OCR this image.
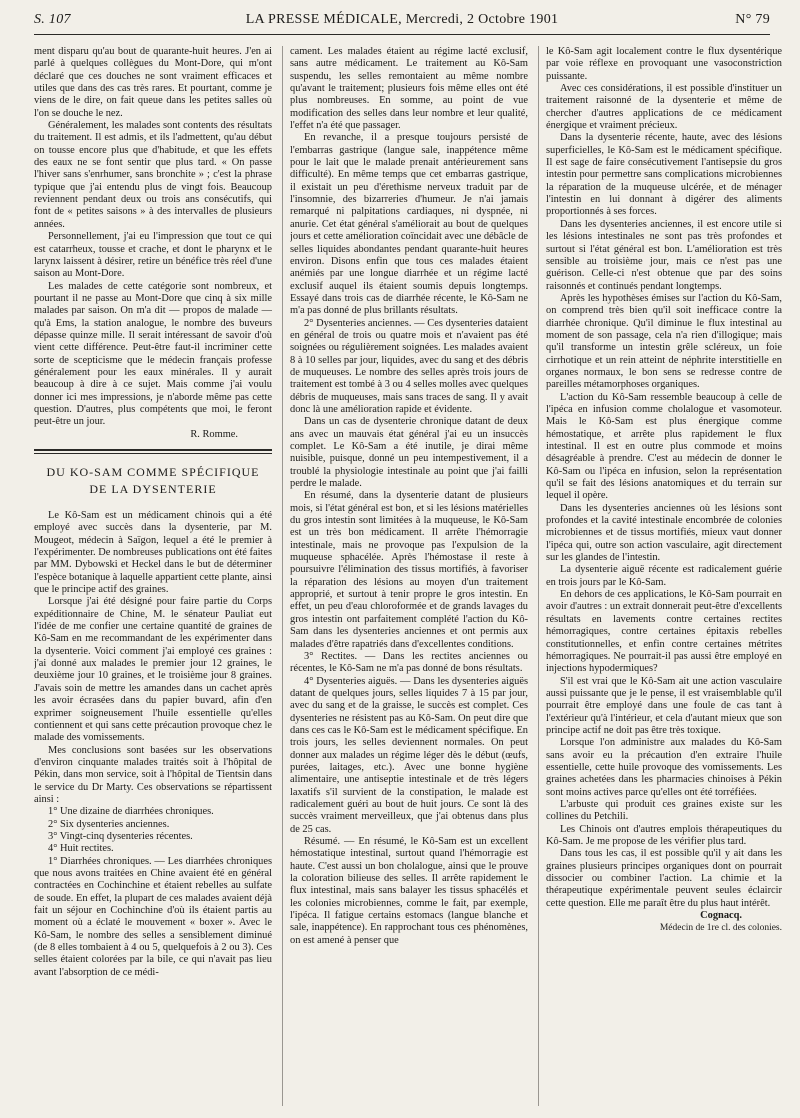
S. 107	LA PRESSE MÉDICALE, Mercredi, 2 Octobre 1901	N° 79

ment disparu qu'au bout de quarante-huit heures. J'en ai parlé à quelques collègues du Mont-Dore, qui m'ont déclaré que ces douches ne sont vraiment efficaces et utiles que dans des cas très rares. Et pourtant, comme je viens de le dire, on fait queue dans les petites salles où l'on se douche le nez.

Généralement, les malades sont contents des résultats du traitement. Il est admis, et ils l'admettent, qu'au début on tousse encore plus que d'habitude, et que les effets des eaux ne se font sentir que plus tard. « On passe l'hiver sans s'enrhumer, sans bronchite » ; c'est la phrase typique que j'ai entendu plus de vingt fois. Beaucoup reviennent pendant deux ou trois ans consécutifs, qui font de « petites saisons » à des intervalles de plusieurs années.

Personnellement, j'ai eu l'impression que tout ce qui est catarrheux, tousse et crache, et dont le pharynx et le larynx laissent à désirer, retire un bénéfice très réel d'une saison au Mont-Dore.

Les malades de cette catégorie sont nombreux, et pourtant il ne passe au Mont-Dore que cinq à six mille malades par saison. On m'a dit — propos de malade — qu'à Ems, la station analogue, le nombre des buveurs dépasse quinze mille. Il serait intéressant de savoir d'où vient cette différence. Peut-être faut-il incriminer cette sorte de scepticisme que le médecin français professe généralement pour les eaux minérales. Il y aurait beaucoup à dire à ce sujet. Mais comme j'ai voulu donner ici mes impressions, je n'aborde même pas cette question. D'autres, plus compétents que moi, le feront peut-être un jour.

R. Romme.

DU KO-SAM COMME SPÉCIFIQUE
DE LA DYSENTERIE

Le Kô-Sam est un médicament chinois qui a été employé avec succès dans la dysenterie, par M. Mougeot, médecin à Saïgon, lequel a été le premier à l'expérimenter. De nombreuses publications ont été faites par MM. Dybowski et Heckel dans le but de déterminer l'espèce botanique à laquelle appartient cette plante, ainsi que le principe actif des graines.

Lorsque j'ai été désigné pour faire partie du Corps expéditionnaire de Chine, M. le sénateur Pauliat eut l'idée de me confier une certaine quantité de graines de Kô-Sam en me recommandant de les expérimenter dans la dysenterie. Voici comment j'ai employé ces graines : j'ai donné aux malades le premier jour 12 graines, le deuxième jour 10 graines, et le troisième jour 8 graines. J'avais soin de mettre les amandes dans un cachet après les avoir écrasées dans du papier buvard, afin d'en exprimer soigneusement l'huile essentielle qu'elles contiennent et qui sans cette précaution provoque chez le malade des vomissements.

Mes conclusions sont basées sur les observations d'environ cinquante malades traités soit à l'hôpital de Pékin, dans mon service, soit à l'hôpital de Tientsin dans le service du Dr Marty. Ces observations se répartissent ainsi :

1° Une dizaine de diarrhées chroniques.

2° Six dysenteries anciennes.

3° Vingt-cinq dysenteries récentes.

4° Huit rectites.

1° Diarrhées chroniques. — Les diarrhées chroniques que nous avons traitées en Chine avaient été en général contractées en Cochinchine et étaient rebelles au sulfate de soude. En effet, la plupart de ces malades avaient déjà fait un séjour en Cochinchine d'où ils étaient partis au moment où a éclaté le mouvement « boxer ». Avec le Kô-Sam, le nombre des selles a sensiblement diminué (de 8 elles tombaient à 4 ou 5, quelquefois à 2 ou 3). Ces selles étaient colorées par la bile, ce qui n'avait pas lieu avant l'absorption de ce médi-

cament. Les malades étaient au régime lacté exclusif, sans autre médicament. Le traitement au Kô-Sam suspendu, les selles remontaient au même nombre qu'avant le traitement; plusieurs fois même elles ont été plus nombreuses. En somme, au point de vue modification des selles dans leur nombre et leur qualité, l'effet n'a été que passager.

En revanche, il a presque toujours persisté de l'embarras gastrique (langue sale, inappétence même pour le lait que le malade prenait antérieurement sans difficulté). En même temps que cet embarras gastrique, il existait un peu d'érethisme nerveux traduit par de l'insomnie, des bizarreries d'humeur. Je n'ai jamais remarqué ni palpitations cardiaques, ni dyspnée, ni anurie. Cet état général s'améliorait au bout de quelques jours et cette amélioration coïncidait avec une débâcle de selles liquides abondantes pendant quarante-huit heures environ. Disons enfin que tous ces malades étaient anémiés par une longue diarrhée et un régime lacté exclusif auquel ils étaient soumis depuis longtemps. Essayé dans trois cas de diarrhée récente, le Kô-Sam ne m'a pas donné de plus brillants résultats.

2° Dysenteries anciennes. — Ces dysenteries dataient en général de trois ou quatre mois et n'avaient pas été soignées ou régulièrement soignées. Les malades avaient 8 à 10 selles par jour, liquides, avec du sang et des débris de muqueuses. Le nombre des selles après trois jours de traitement est tombé à 3 ou 4 selles molles avec quelques débris de muqueuses, mais sans traces de sang. Il y avait donc là une amélioration rapide et évidente.

Dans un cas de dysenterie chronique datant de deux ans avec un mauvais état général j'ai eu un insuccès complet. Le Kô-Sam a été inutile, je dirai même nuisible, puisque, donné un peu intempestivement, il a troublé la physiologie intestinale au point que j'ai failli perdre le malade.

En résumé, dans la dysenterie datant de plusieurs mois, si l'état général est bon, et si les lésions matérielles du gros intestin sont limitées à la muqueuse, le Kô-Sam est un très bon médicament. Il arrête l'hémorragie intestinale, mais ne provoque pas l'expulsion de la muqueuse sphacélée. Après l'hémostase il reste à poursuivre l'élimination des tissus mortifiés, à favoriser la réparation des lésions au moyen d'un traitement approprié, et surtout à tenir propre le gros intestin. En effet, un peu d'eau chloroformée et de grands lavages du gros intestin ont parfaitement complété l'action du Kô-Sam dans les dysenteries anciennes et ont permis aux malades d'être rapatriés dans d'excellentes conditions.

3° Rectites. — Dans les rectites anciennes ou récentes, le Kô-Sam ne m'a pas donné de bons résultats.

4° Dysenteries aiguës. — Dans les dysenteries aiguës datant de quelques jours, selles liquides 7 à 15 par jour, avec du sang et de la graisse, le succès est complet. Ces dysenteries ne résistent pas au Kô-Sam. On peut dire que dans ces cas le Kô-Sam est le médicament spécifique. En trois jours, les selles deviennent normales. On peut donner aux malades un régime léger dès le début (œufs, purées, laitages, etc.). Avec une bonne hygiène alimentaire, une antiseptie intestinale et de très légers laxatifs s'il survient de la constipation, le malade est radicalement guéri au bout de huit jours. Ce sont là des succès vraiment merveilleux, que j'ai obtenus dans plus de 25 cas.

Résumé. — En résumé, le Kô-Sam est un excellent hémostatique intestinal, surtout quand l'hémorragie est haute. C'est aussi un bon cholalogue, ainsi que le prouve la coloration bilieuse des selles. Il arrête rapidement le flux intestinal, mais sans balayer les tissus sphacélés et les colonies microbiennes, comme le fait, par exemple, l'ipéca. Il fatigue certains estomacs (langue blanche et sale, inappétence). En rapprochant tous ces phénomènes, on est amené à penser que

le Kô-Sam agit localement contre le flux dysentérique par voie réflexe en provoquant une vasoconstriction puissante.

Avec ces considérations, il est possible d'instituer un traitement raisonné de la dysenterie et même de chercher d'autres applications de ce médicament énergique et vraiment précieux.

Dans la dysenterie récente, haute, avec des lésions superficielles, le Kô-Sam est le médicament spécifique. Il est sage de faire consécutivement l'antisepsie du gros intestin pour permettre sans complications microbiennes la réparation de la muqueuse ulcérée, et de ménager l'intestin en lui donnant à digérer des aliments proportionnés à ses forces.

Dans les dysenteries anciennes, il est encore utile si les lésions intestinales ne sont pas très profondes et surtout si l'état général est bon. L'amélioration est très sensible au troisième jour, mais ce n'est pas une guérison. Celle-ci n'est obtenue que par des soins raisonnés et continués pendant longtemps.

Après les hypothèses émises sur l'action du Kô-Sam, on comprend très bien qu'il soit inefficace contre la diarrhée chronique. Qu'il diminue le flux intestinal au moment de son passage, cela n'a rien d'illogique; mais qu'il transforme un intestin grêle scléreux, un foie cirrhotique et un rein atteint de néphrite interstitielle en organes normaux, le bon sens se redresse contre de pareilles métamorphoses organiques.

L'action du Kô-Sam ressemble beaucoup à celle de l'ipéca en infusion comme cholalogue et vasomoteur. Mais le Kô-Sam est plus énergique comme hémostatique, et arrête plus rapidement le flux intestinal. Il est en outre plus commode et moins désagréable à prendre. C'est au médecin de donner le Kô-Sam ou l'ipéca en infusion, selon la représentation qu'il se fait des lésions anatomiques et du terrain sur lequel il opère.

Dans les dysenteries anciennes où les lésions sont profondes et la cavité intestinale encombrée de colonies microbiennes et de tissus mortifiés, mieux vaut donner l'ipéca qui, outre son action vasculaire, agit directement sur les glandes de l'intestin.

La dysenterie aiguë récente est radicalement guérie en trois jours par le Kô-Sam.

En dehors de ces applications, le Kô-Sam pourrait en avoir d'autres : un extrait donnerait peut-être d'excellents résultats en lavements contre certaines rectites hémorragiques, contre certaines épitaxis rebelles constitutionnelles, et enfin contre certaines métrites hémorragiques. Ne pourrait-il pas aussi être employé en injections hypodermiques?

S'il est vrai que le Kô-Sam ait une action vasculaire aussi puissante que je le pense, il est vraisemblable qu'il pourrait être employé dans une foule de cas tant à l'extérieur qu'à l'intérieur, et cela d'autant mieux que son principe actif ne doit pas être très toxique.

Lorsque l'on administre aux malades du Kô-Sam sans avoir eu la précaution d'en extraire l'huile essentielle, cette huile provoque des vomissements. Les graines achetées dans les pharmacies chinoises à Pékin sont moins actives parce qu'elles ont été torréfiées.

L'arbuste qui produit ces graines existe sur les collines du Petchili.

Les Chinois ont d'autres emplois thérapeutiques du Kô-Sam. Je me propose de les vérifier plus tard.

Dans tous les cas, il est possible qu'il y ait dans les graines plusieurs principes organiques dont on pourrait dissocier ou combiner l'action. La chimie et la thérapeutique expérimentale peuvent seules éclaircir cette question. Elle me paraît être du plus haut intérêt.

Cognacq.

Médecin de 1re cl. des colonies.
